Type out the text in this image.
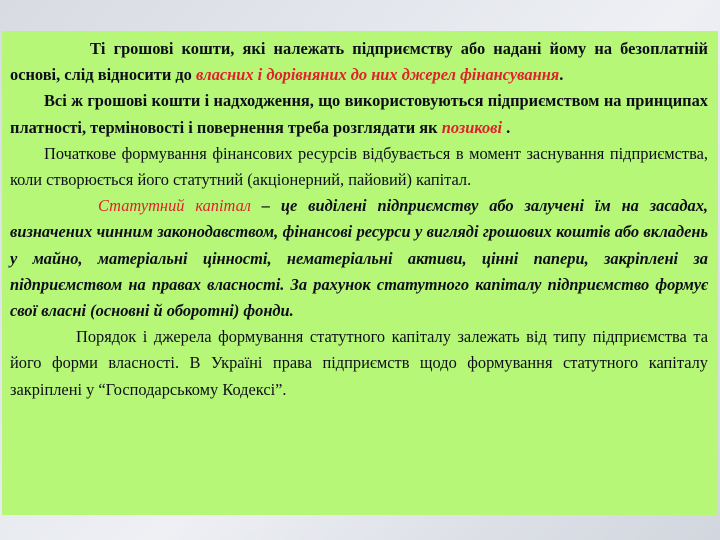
Ті грошові кошти, які належать підприємству або надані йому на безоплатній основі, слід відносити до власних і дорівняних до них джерел фінансування.

Всі ж грошові кошти і надходження, що використовуються підприємством на принципах платності, терміновості і повернення треба розглядати як позикові .

Початкове формування фінансових ресурсів відбувається в момент заснування підприємства, коли створюється його статутний (акціонерний, пайовий) капітал.

Статутний капітал – це виділені підприємству або залучені їм на засадах, визначених чинним законодавством, фінансові ресурси у вигляді грошових коштів або вкладень у майно, матеріальні цінності, нематеріальні активи, цінні папери, закріплені за підприємством на правах власності. За рахунок статутного капіталу підприємство формує свої власні (основні й оборотні) фонди.

Порядок і джерела формування статутного капіталу залежать від типу підприємства та його форми власності. В Україні права підприємств щодо формування статутного капіталу закріплені у “Господарському Кодексі”.
